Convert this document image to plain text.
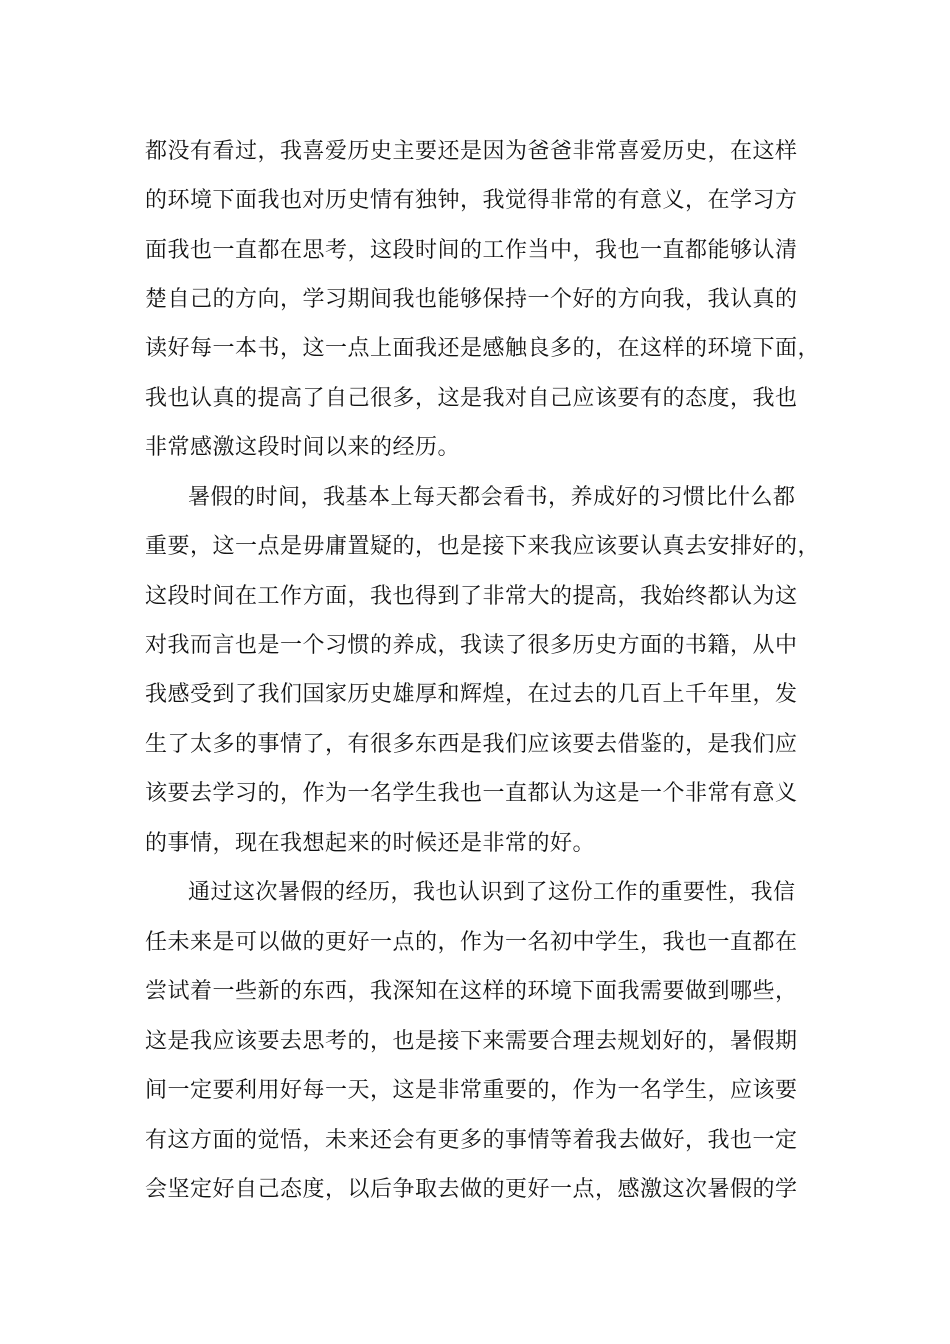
都没有看过，我喜爱历史主要还是因为爸爸非常喜爱历史，在这样

的环境下面我也对历史情有独钟，我觉得非常的有意义，在学习方

面我也一直都在思考，这段时间的工作当中，我也一直都能够认清

楚自己的方向，学习期间我也能够保持一个好的方向我，我认真的

读好每一本书，这一点上面我还是感触良多的，在这样的环境下面，

我也认真的提高了自己很多，这是我对自己应该要有的态度，我也

非常感激这段时间以来的经历。

暑假的时间，我基本上每天都会看书，养成好的习惯比什么都

重要，这一点是毋庸置疑的，也是接下来我应该要认真去安排好的，

这段时间在工作方面，我也得到了非常大的提高，我始终都认为这

对我而言也是一个习惯的养成，我读了很多历史方面的书籍，从中

我感受到了我们国家历史雄厚和辉煌，在过去的几百上千年里，发

生了太多的事情了，有很多东西是我们应该要去借鉴的，是我们应

该要去学习的，作为一名学生我也一直都认为这是一个非常有意义

的事情，现在我想起来的时候还是非常的好。

通过这次暑假的经历，我也认识到了这份工作的重要性，我信

任未来是可以做的更好一点的，作为一名初中学生，我也一直都在

尝试着一些新的东西，我深知在这样的环境下面我需要做到哪些，

这是我应该要去思考的，也是接下来需要合理去规划好的，暑假期

间一定要利用好每一天，这是非常重要的，作为一名学生，应该要

有这方面的觉悟，未来还会有更多的事情等着我去做好，我也一定

会坚定好自己态度，以后争取去做的更好一点，感激这次暑假的学
